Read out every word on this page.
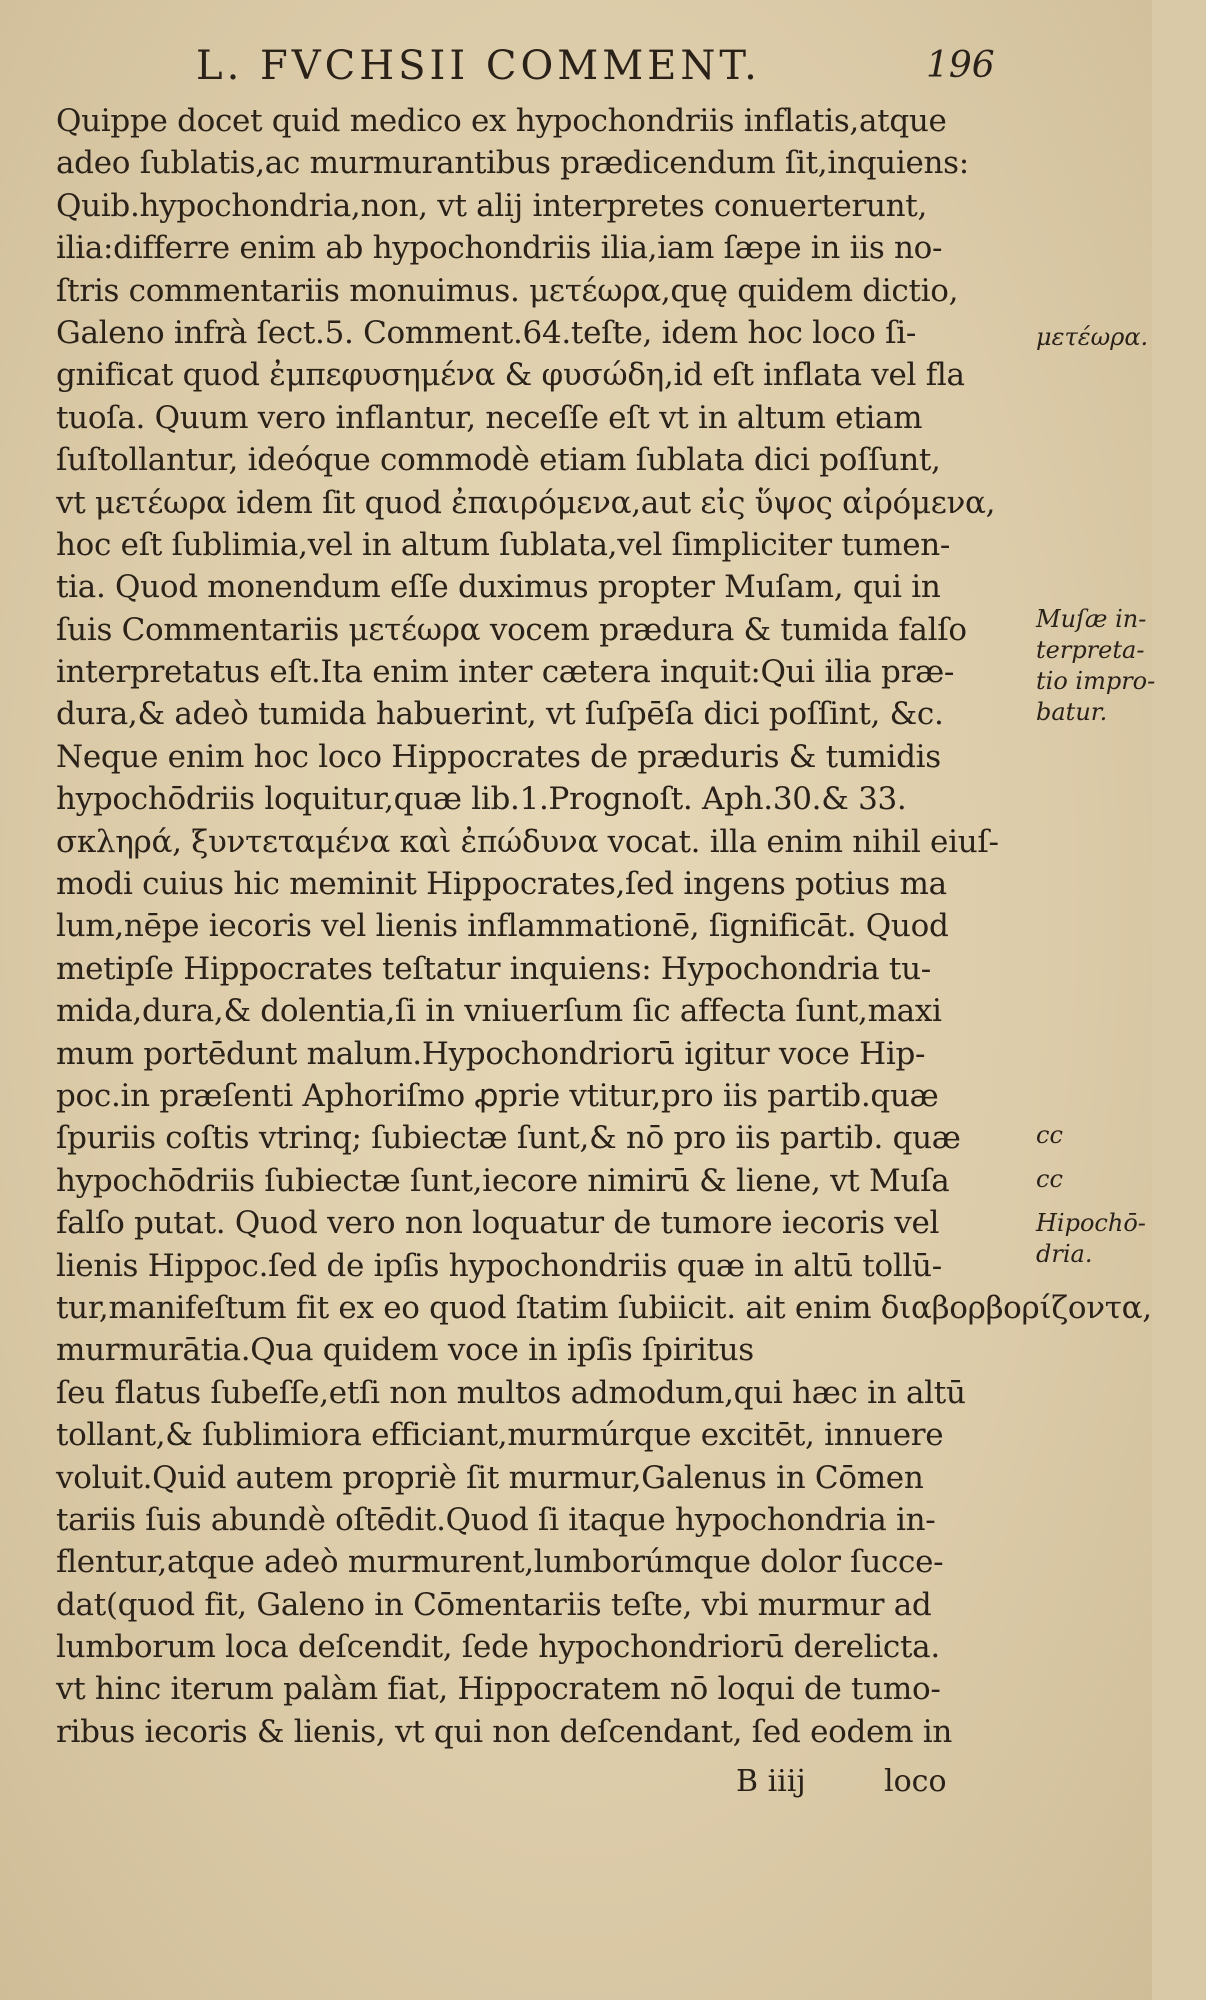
L. FVCHSII COMMENT.	196
Quippe docet quid medico ex hypochondriis inflatis,atque
adeo ſublatis,ac murmurantibus prædicendum ſit,inquiens:
Quib.hypochondria,non, vt alij interpretes conuerterunt,
ilia:differre enim ab hypochondriis ilia,iam ſæpe in iis no-
ſtris commentariis monuimus. μετέωρα,quę quidem dictio,
Galeno infrà ſect.5. Comment.64.teſte, idem hoc loco ſi-
gnificat quod ἐμπεφυσημένα & φυσώδη,id eſt inflata vel fla
tuoſa. Quum vero inflantur, neceſſe eſt vt in altum etiam
ſuſtollantur, ideóque commodè etiam ſublata dici poſſunt,
vt μετέωρα idem ſit quod ἐπαιρόμενα,aut εἰς ὕψος αἰρόμενα,
hoc eſt ſublimia,vel in altum ſublata,vel ſimpliciter tumen-
tia. Quod monendum eſſe duximus propter Muſam, qui in
ſuis Commentariis μετέωρα vocem prædura & tumida falſo
interpretatus eſt.Ita enim inter cætera inquit:Qui ilia præ-
dura,& adeò tumida habuerint, vt ſuſpēſa dici poſſint, &c.
Neque enim hoc loco Hippocrates de præduris & tumidis
hypochōdriis loquitur,quæ lib.1.Prognoſt. Aph.30.& 33.
σκληρά, ξυντεταμένα καὶ ἐπώδυνα vocat. illa enim nihil eiuſ-
modi cuius hic meminit Hippocrates,ſed ingens potius ma
lum,nēpe iecoris vel lienis inflammationē, ſignificāt. Quod
metipſe Hippocrates teſtatur inquiens: Hypochondria tu-
mida,dura,& dolentia,ſi in vniuerſum ſic affecta ſunt,maxi
mum portēdunt malum.Hypochondriorū igitur voce Hip-
poc.in præſenti Aphoriſmo ꝓprie vtitur,pro iis partib.quæ
ſpuriis coſtis vtrinq; ſubiectæ ſunt,& nō pro iis partib. quæ
hypochōdriis ſubiectæ ſunt,iecore nimirū & liene, vt Muſa
falſo putat. Quod vero non loquatur de tumore iecoris vel
lienis Hippoc.ſed de ipſis hypochondriis quæ in altū tollū-
tur,manifeſtum fit ex eo quod ſtatim ſubiicit. ait enim διαβορβορίζοντα,
murmurātia.Qua quidem voce in ipſis ſpiritus
ſeu flatus ſubeſſe,etſi non multos admodum,qui hæc in altū
tollant,& ſublimiora efficiant,murmúrque excitēt, innuere
voluit.Quid autem propriè ſit murmur,Galenus in Cōmen
tariis ſuis abundè oſtēdit.Quod ſi itaque hypochondria in-
flentur,atque adeò murmurent,lumborúmque dolor ſucce-
dat(quod fit, Galeno in Cōmentariis teſte, vbi murmur ad
lumborum loca deſcendit, ſede hypochondriorū derelicta.
vt hinc iterum palàm fiat, Hippocratem nō loqui de tumo-
ribus iecoris & lienis, vt qui non deſcendant, ſed eodem in
μετέωρα.
Muſæ in-
terpreta-
tio impro-
batur.
cc
cc
Hipochō-
dria.
B iiij	loco
